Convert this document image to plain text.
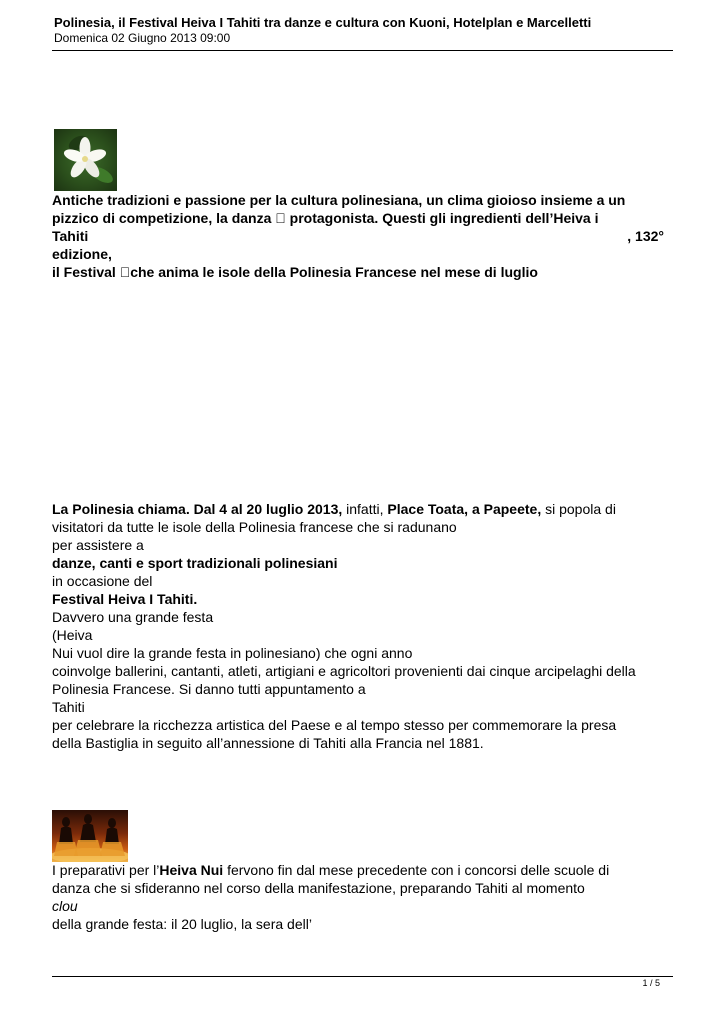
Polinesia, il Festival Heiva I Tahiti tra danze e cultura con Kuoni, Hotelplan e Marcelletti
Domenica 02 Giugno 2013 09:00
Antiche tradizioni e passione per la cultura polinesiana, un clima gioioso insieme a un
pizzico di competizione, la danza   protagonista. Questi gli ingredienti dell’Heiva i
Tahiti	, 132°
edizione,
il Festival  che anima le isole della Polinesia Francese nel mese di luglio
La Polinesia chiama. Dal 4 al 20 luglio 2013, infatti, Place Toata, a Papeete, si popola di
visitatori da tutte le isole della Polinesia francese che si radunano
per assistere a
danze, canti e sport tradizionali polinesiani
in occasione del
Festival Heiva I Tahiti.
Davvero una grande festa
(Heiva
Nui vuol dire la grande festa in polinesiano) che ogni anno
coinvolge ballerini, cantanti, atleti, artigiani e agricoltori provenienti dai cinque arcipelaghi della
Polinesia Francese. Si danno tutti appuntamento a
Tahiti
per celebrare la ricchezza artistica del Paese e al tempo stesso per commemorare la presa
della Bastiglia in seguito all’annessione di Tahiti alla Francia nel 1881.
I preparativi per l’Heiva Nui fervono fin dal mese precedente con i concorsi delle scuole di
danza che si sfideranno nel corso della manifestazione, preparando Tahiti al momento
clou
della grande festa: il 20 luglio, la sera dell’
1 / 5
